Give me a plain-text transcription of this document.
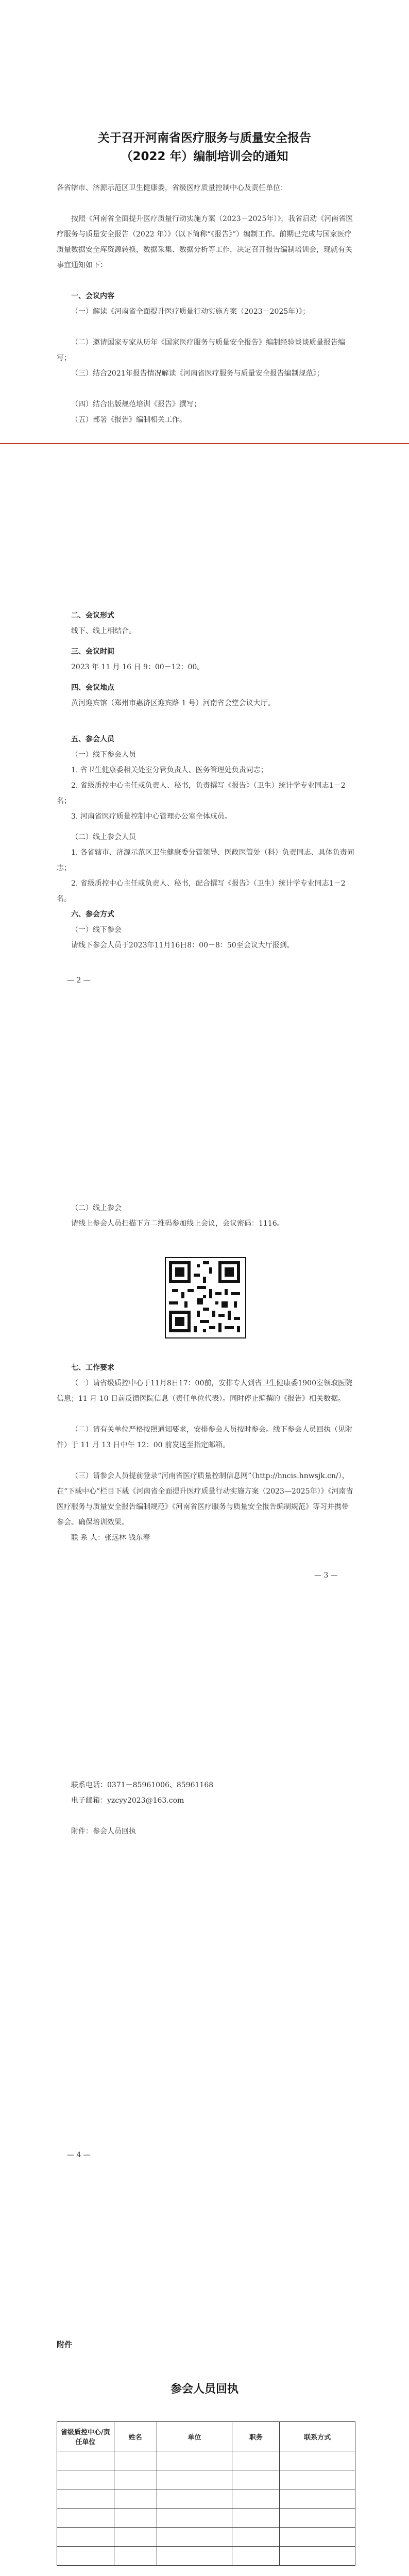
关于召开河南省医疗服务与质量安全报告
（2022 年）编制培训会的通知
各省辖市、济源示范区卫生健康委，省级医疗质量控制中心及责任单位：
按照《河南省全面提升医疗质量行动实施方案（2023－2025年）》，我省启动《河南省医疗服务与质量安全报告（2022 年）》（以下简称“《报告》”）编制工作。前期已完成与国家医疗质量数据安全库资源转换，数据采集、数据分析等工作，决定召开报告编制培训会，现就有关事宜通知如下：
一、会议内容
（一）解读《河南省全面提升医疗质量行动实施方案（2023－2025年）》；
（二）邀请国家专家从历年《国家医疗服务与质量安全报告》编制经验谈谈质量报告编写；
（三）结合2021年报告情况解读《河南省医疗服务与质量安全报告编制规范》；
（四）结合出版规范培训《报告》撰写；
（五）部署《报告》编制相关工作。
二、会议形式
线下、线上相结合。
三、会议时间
2023 年 11 月 16 日 9：00－12：00。
四、会议地点
黄河迎宾馆（郑州市惠济区迎宾路 1 号）河南省会堂会议大厅。
五、参会人员
（一）线下参会人员
1. 省卫生健康委相关处室分管负责人、医务管理处负责同志；
2. 省级质控中心主任或负责人、秘书，负责撰写《报告》（卫生）统计学专业同志1－2名；
3. 河南省医疗质量控制中心管理办公室全体成员。
（二）线上参会人员
1. 各省辖市、济源示范区卫生健康委分管领导、医政医管处（科）负责同志、具体负责同志；
2. 省级质控中心主任或负责人、秘书，配合撰写《报告》（卫生）统计学专业同志1－2名。
六、参会方式
（一）线下参会
请线下参会人员于2023年11月16日8：00－8：50至会议大厅报到。
— 2 —
（二）线上参会
请线上参会人员扫描下方二维码参加线上会议，会议密码：1116。
七、工作要求
（一）请省级质控中心于11月8日17：00前，安排专人到省卫生健康委1900室领取医院信息；11 月 10 日前反馈医院信息（责任单位代表）。同时停止编撰的《报告》相关数据。
（二）请有关单位严格按照通知要求，安排参会人员按时参会。线下参会人员回执（见附件）于 11 月 13 日中午 12：00 前发送至指定邮箱。
（三）请参会人员提前登录“河南省医疗质量控制信息网”（http://hncis.hnwsjk.cn/），在“下载中心”栏目下载《河南省全面提升医疗质量行动实施方案（2023—2025年）》《河南省医疗服务与质量安全报告编制规范》《河南省医疗服务与质量安全报告编制规范》等习并携带参会。确保培训效果。
联 系 人：张远林 钱东春
— 3 —
联系电话：0371－85961006、85961168
电子邮箱：yzcyy2023@163.com
附件：参会人员回执
— 4 —
附件
参会人员回执
省级质控中心/责任单位	姓名	单位	职务	联系方式
